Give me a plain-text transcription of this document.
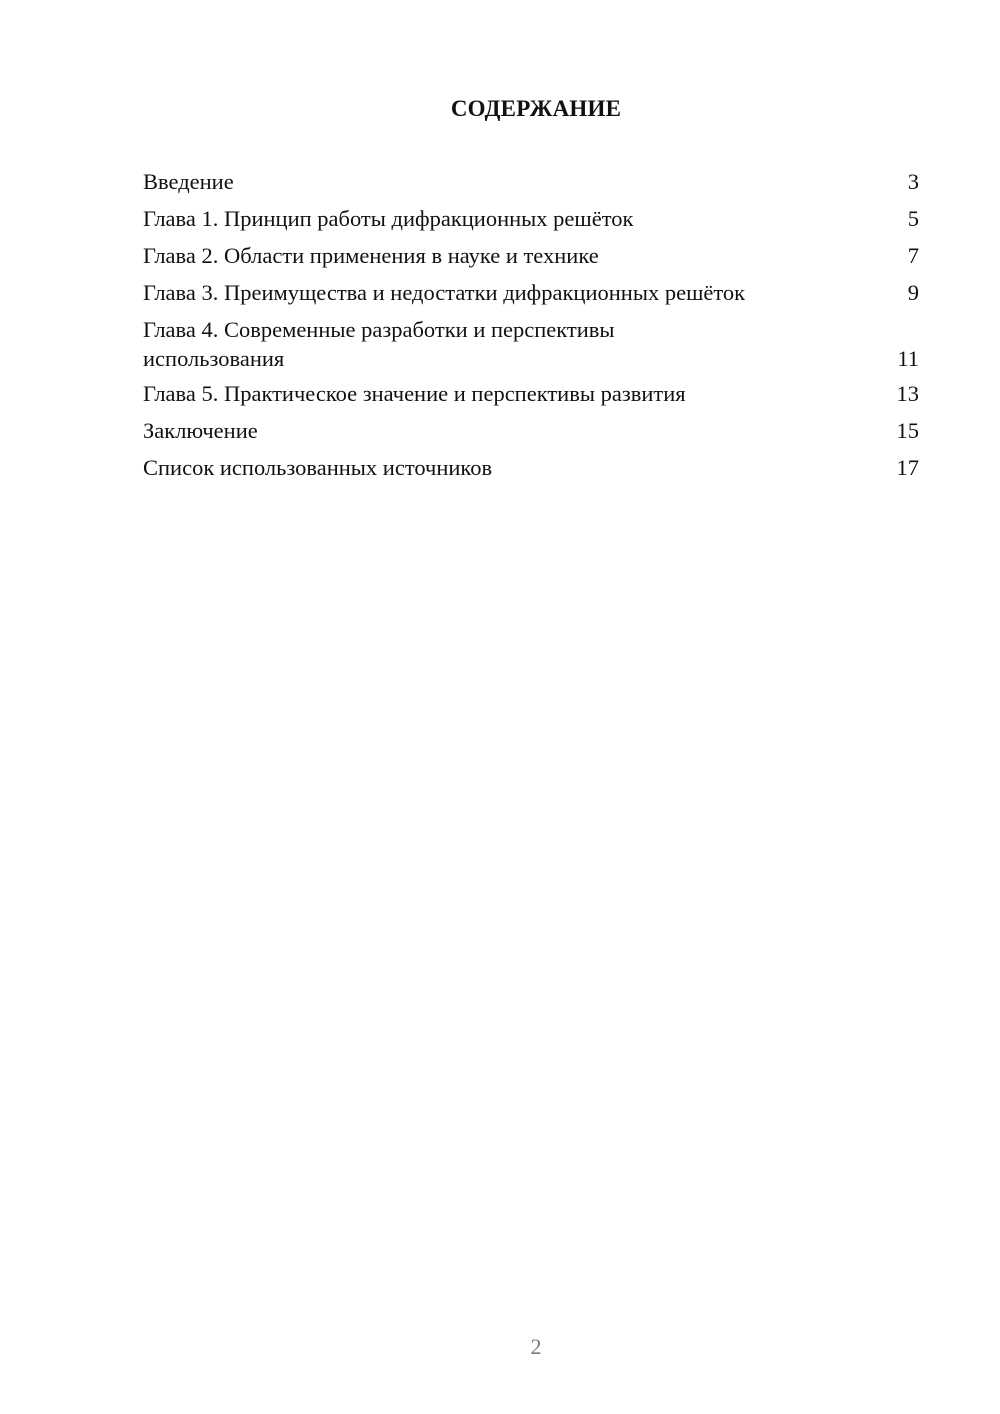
СОДЕРЖАНИЕ
Введение	3
Глава 1. Принцип работы дифракционных решёток	5
Глава 2. Области применения в науке и технике	7
Глава 3. Преимущества и недостатки дифракционных решёток	9
Глава 4. Современные разработки и перспективы использования	11
Глава 5. Практическое значение и перспективы развития	13
Заключение	15
Список использованных источников	17
2
